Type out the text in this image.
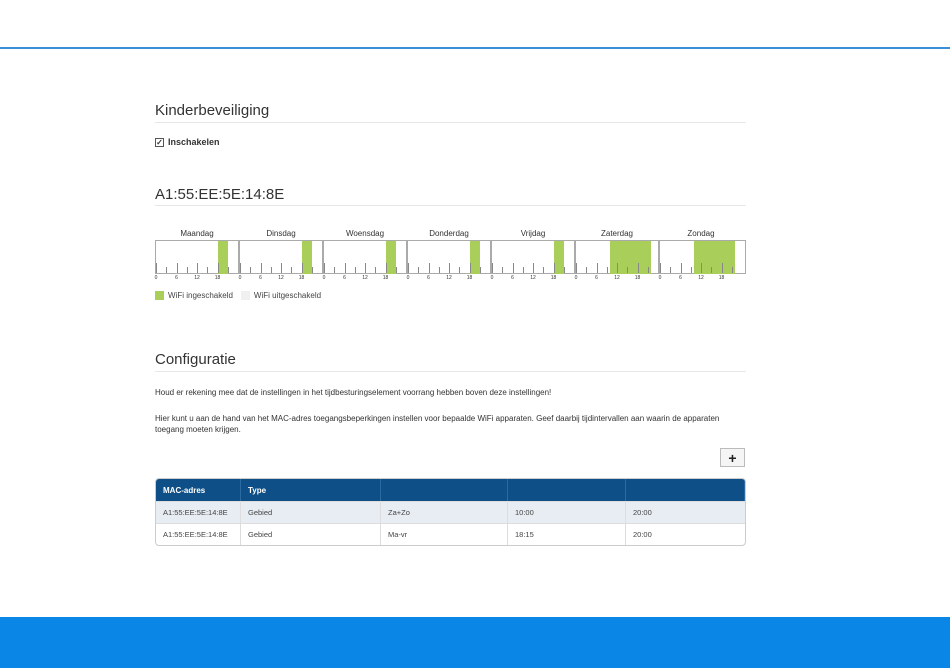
Kinderbeveiliging
✓ Inschakelen
A1:55:EE:5E:14:8E
Maandag
0	6	12	18
Dinsdag
0	6	12	18
Woensdag
0	6	12	18
Donderdag
0	6	12	18
Vrijdag
0	6	12	18
Zaterdag
0	6	12	18
Zondag
0	6	12	18
WiFi ingeschakeld	WiFi uitgeschakeld
Configuratie
Houd er rekening mee dat de instellingen in het tijdbesturingselement voorrang hebben boven deze instellingen!
Hier kunt u aan de hand van het MAC-adres toegangsbeperkingen instellen voor bepaalde WiFi apparaten. Geef daarbij tijdintervallen aan waarin de apparaten toegang moeten krijgen.
+
MAC-adres	Type
A1:55:EE:5E:14:8E	Gebied	Za+Zo	10:00	20:00
A1:55:EE:5E:14:8E	Gebied	Ma-vr	18:15	20:00
